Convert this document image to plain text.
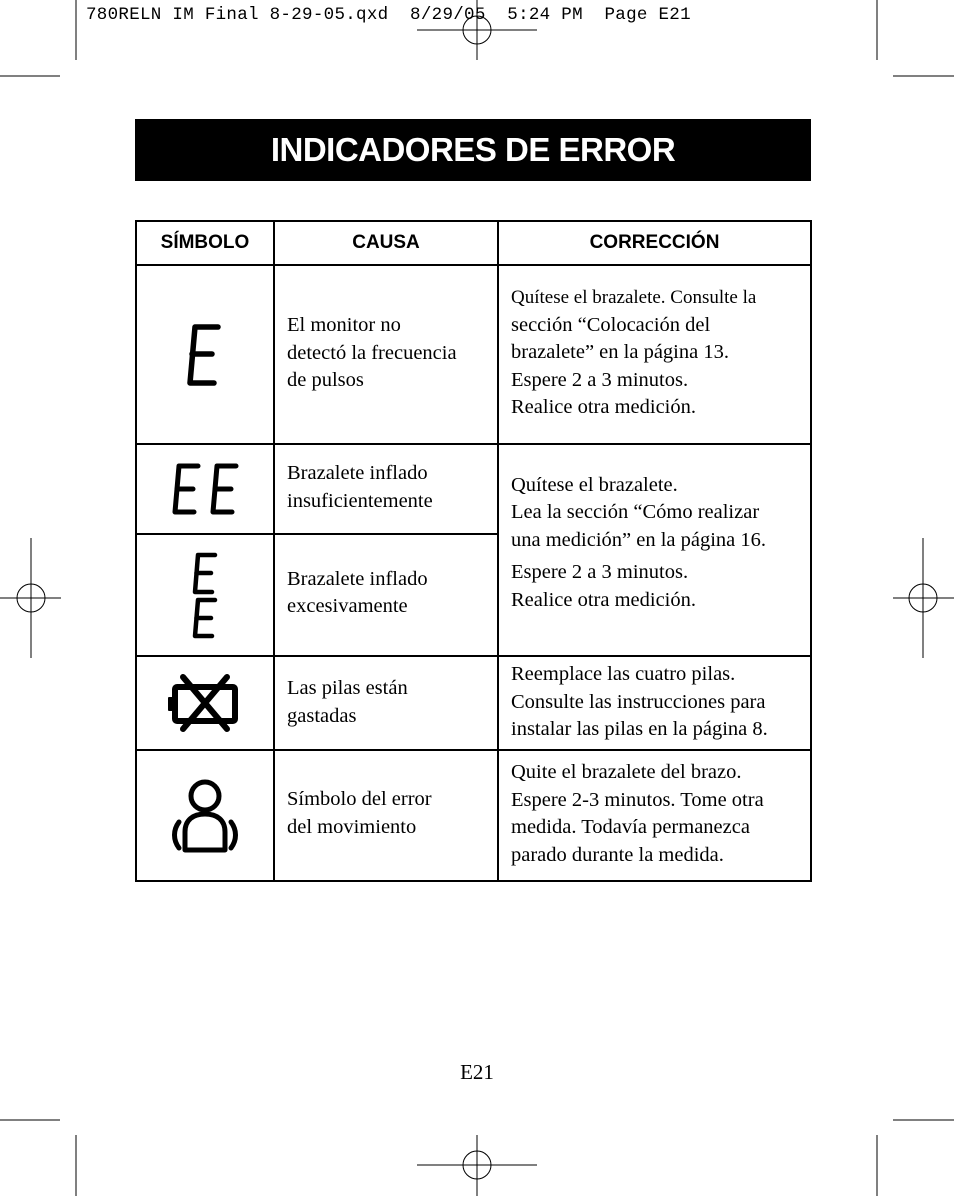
780RELN IM Final 8-29-05.qxd  8/29/05  5:24 PM  Page E21
INDICADORES DE ERROR
SÍMBOLO	CAUSA	CORRECCIÓN

El monitor no
detectó la frecuencia
de pulsos	Quítese el brazalete. Consulte la
sección “Colocación del
brazalete” en la página 13.
Espere 2 a 3 minutos.
Realice otra medición.

Brazalete inflado
insuficientemente	Quítese el brazalete.
Lea la sección “Cómo realizar
una medición” en la página 16.
Espere 2 a 3 minutos.
Realice otra medición.

Brazalete inflado
excesivamente	

Las pilas están
gastadas	Reemplace las cuatro pilas.
Consulte las instrucciones para
instalar las pilas en la página 8.

Símbolo del error
del movimiento	Quite el brazalete del brazo.
Espere 2-3 minutos. Tome otra
medida. Todavía permanezca
parado durante la medida.
E21
